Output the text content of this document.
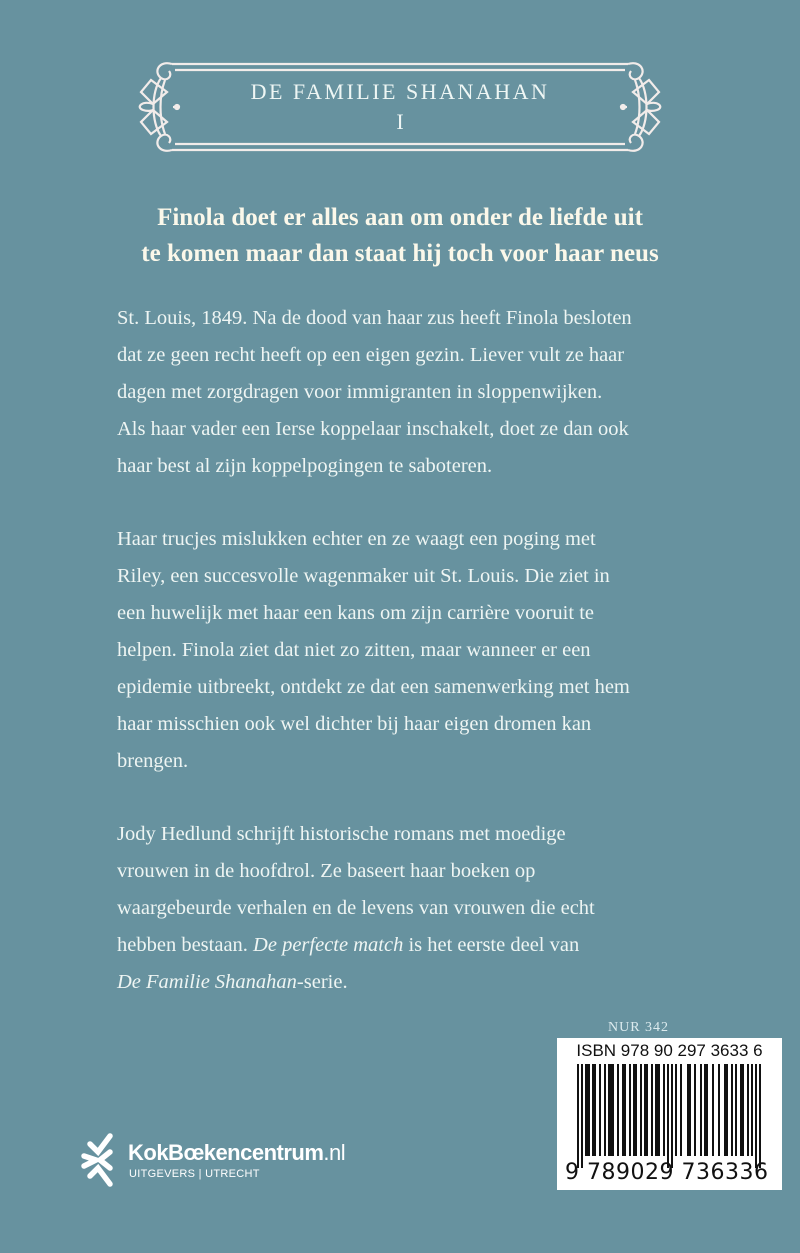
DE FAMILIE SHANAHAN
I
Finola doet er alles aan om onder de liefde uit
te komen maar dan staat hij toch voor haar neus
St. Louis, 1849. Na de dood van haar zus heeft Finola besloten
dat ze geen recht heeft op een eigen gezin. Liever vult ze haar
dagen met zorgdragen voor immigranten in sloppenwijken.
Als haar vader een Ierse koppelaar inschakelt, doet ze dan ook
haar best al zijn koppelpogingen te saboteren.
Haar trucjes mislukken echter en ze waagt een poging met
Riley, een succesvolle wagenmaker uit St. Louis. Die ziet in
een huwelijk met haar een kans om zijn carrière vooruit te
helpen. Finola ziet dat niet zo zitten, maar wanneer er een
epidemie uitbreekt, ontdekt ze dat een samenwerking met hem
haar misschien ook wel dichter bij haar eigen dromen kan
brengen.
Jody Hedlund schrijft historische romans met moedige
vrouwen in de hoofdrol. Ze baseert haar boeken op
waargebeurde verhalen en de levens van vrouwen die echt
hebben bestaan. De perfecte match is het eerste deel van
De Familie Shanahan-serie.
NUR 342
ISBN 978 90 297 3633 6
9 789029 736336
KokBœkencentrum.nl
UITGEVERS | UTRECHT
